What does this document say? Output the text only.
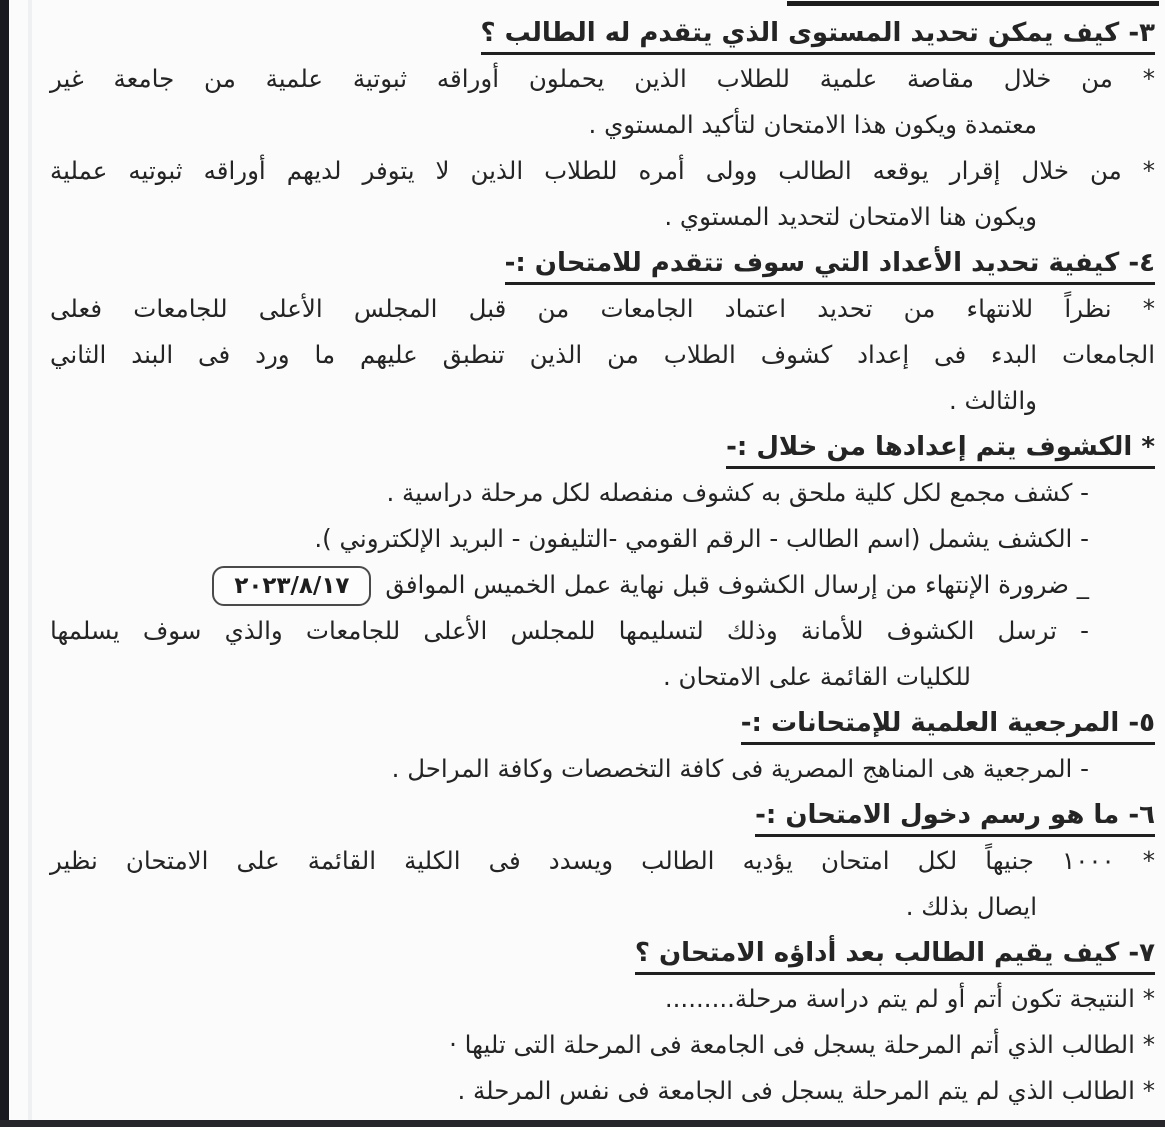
٣- كيف يمكن تحديد المستوى الذي يتقدم له الطالب ؟
* من خلال مقاصة علمية للطلاب الذين يحملون أوراقه ثبوتية علمية من جامعة غير
معتمدة ويكون هذا الامتحان لتأكيد المستوي .
* من خلال إقرار يوقعه الطالب وولى أمره للطلاب الذين لا يتوفر لديهم أوراقه ثبوتيه عملية
ويكون هنا الامتحان لتحديد المستوي .
٤- كيفية تحديد الأعداد التي سوف تتقدم للامتحان :-
* نظراً للانتهاء من تحديد اعتماد الجامعات من قبل المجلس الأعلى للجامعات فعلى
الجامعات البدء فى إعداد كشوف الطلاب من الذين تنطبق عليهم ما ورد فى البند الثاني
والثالث .
* الكشوف يتم إعدادها من خلال :-
- كشف مجمع لكل كلية ملحق به كشوف منفصله لكل مرحلة دراسية .
- الكشف يشمل (اسم الطالب - الرقم القومي -التليفون - البريد الإلكتروني ).
_ ضرورة الإنتهاء من إرسال الكشوف قبل نهاية عمل الخميس الموافق٢٠٢٣/٨/١٧
- ترسل الكشوف للأمانة وذلك لتسليمها للمجلس الأعلى للجامعات والذي سوف يسلمها
للكليات القائمة على الامتحان .
٥- المرجعية العلمية للإمتحانات :-
- المرجعية هى المناهج المصرية فى كافة التخصصات وكافة المراحل .
٦- ما هو رسم دخول الامتحان :-
* ١٠٠٠ جنيهاً لكل امتحان يؤديه الطالب ويسدد فى الكلية القائمة على الامتحان نظير
ايصال بذلك .
٧- كيف يقيم الطالب بعد أداؤه الامتحان ؟
* النتيجة تكون أتم أو لم يتم دراسة مرحلة.........
* الطالب الذي أتم المرحلة يسجل فى الجامعة فى المرحلة التى تليها ·
* الطالب الذي لم يتم المرحلة يسجل فى الجامعة فى نفس المرحلة .
